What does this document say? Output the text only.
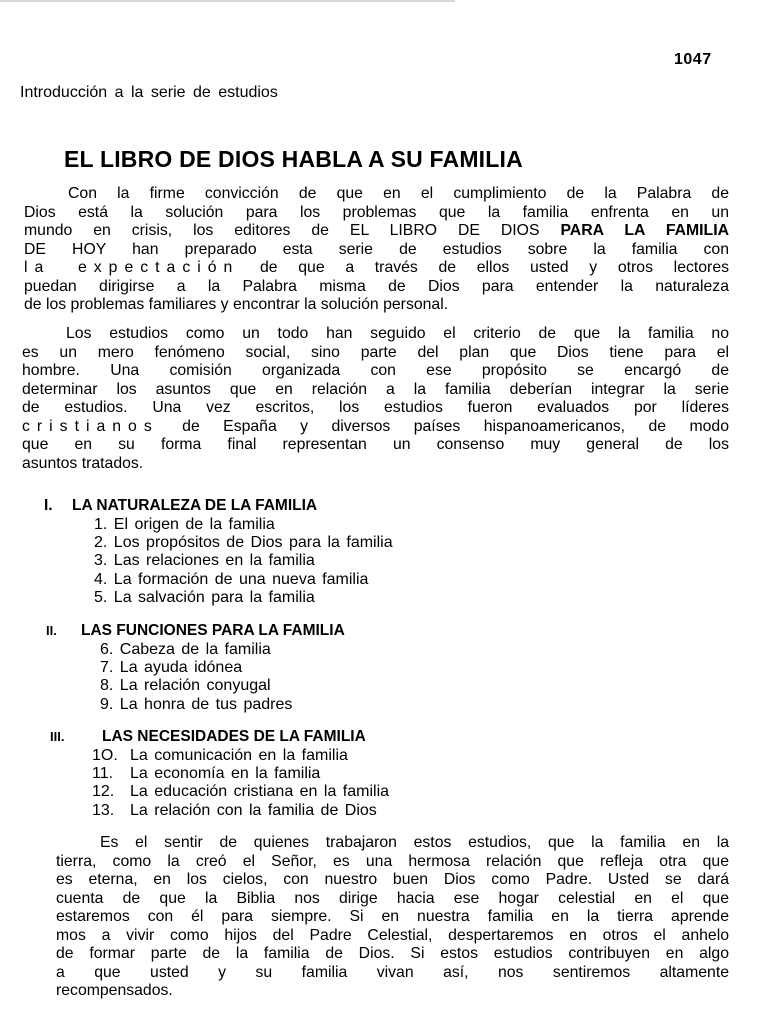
1047
Introducción a la serie de estudios
EL LIBRO DE DIOS HABLA A SU FAMILIA

Con la firme convicción de que en el cumplimiento de la Palabra de
Dios está la solución para los problemas que la familia enfrenta en un
mundo en crisis, los editores de EL LIBRO DE DIOS PARA LA FAMILIA
DE HOY han preparado esta serie de estudios sobre la familia con
la expectación de que a través de ellos usted y otros lectores
puedan dirigirse a la Palabra misma de Dios para entender la naturaleza
de los problemas familiares y encontrar la solución personal.

Los estudios como un todo han seguido el criterio de que la familia no
es un mero fenómeno social, sino parte del plan que Dios tiene para el
hombre. Una comisión organizada con ese propósito se encargó de
determinar los asuntos que en relación a la familia deberían integrar la serie
de estudios. Una vez escritos, los estudios fueron evaluados por líderes
cristianos de España y diversos países hispanoamericanos, de modo
que en su forma final representan un consenso muy general de los
asuntos tratados.

I. LA NATURALEZA DE LA FAMILIA
1. El origen de la familia
2. Los propósitos de Dios para la familia
3. Las relaciones en la familia
4. La formación de una nueva familia
5. La salvación para la familia
II. LAS FUNCIONES PARA LA FAMILIA
6. Cabeza de la familia
7. La ayuda idónea
8. La relación conyugal
9. La honra de tus padres
III. LAS NECESIDADES DE LA FAMILIA
1O. La comunicación en la familia
11. La economía en la familia
12. La educación cristiana en la familia
13. La relación con la familia de Dios

Es el sentir de quienes trabajaron estos estudios, que la familia en la
tierra, como la creó el Señor, es una hermosa relación que refleja otra que
es eterna, en los cielos, con nuestro buen Dios como Padre. Usted se dará
cuenta de que la Biblia nos dirige hacia ese hogar celestial en el que
estaremos con él para siempre. Si en nuestra familia en la tierra aprende
mos a vivir como hijos del Padre Celestial, despertaremos en otros el anhelo
de formar parte de la familia de Dios. Si estos estudios contribuyen en algo
a que usted y su familia vivan así, nos sentiremos altamente
recompensados.
